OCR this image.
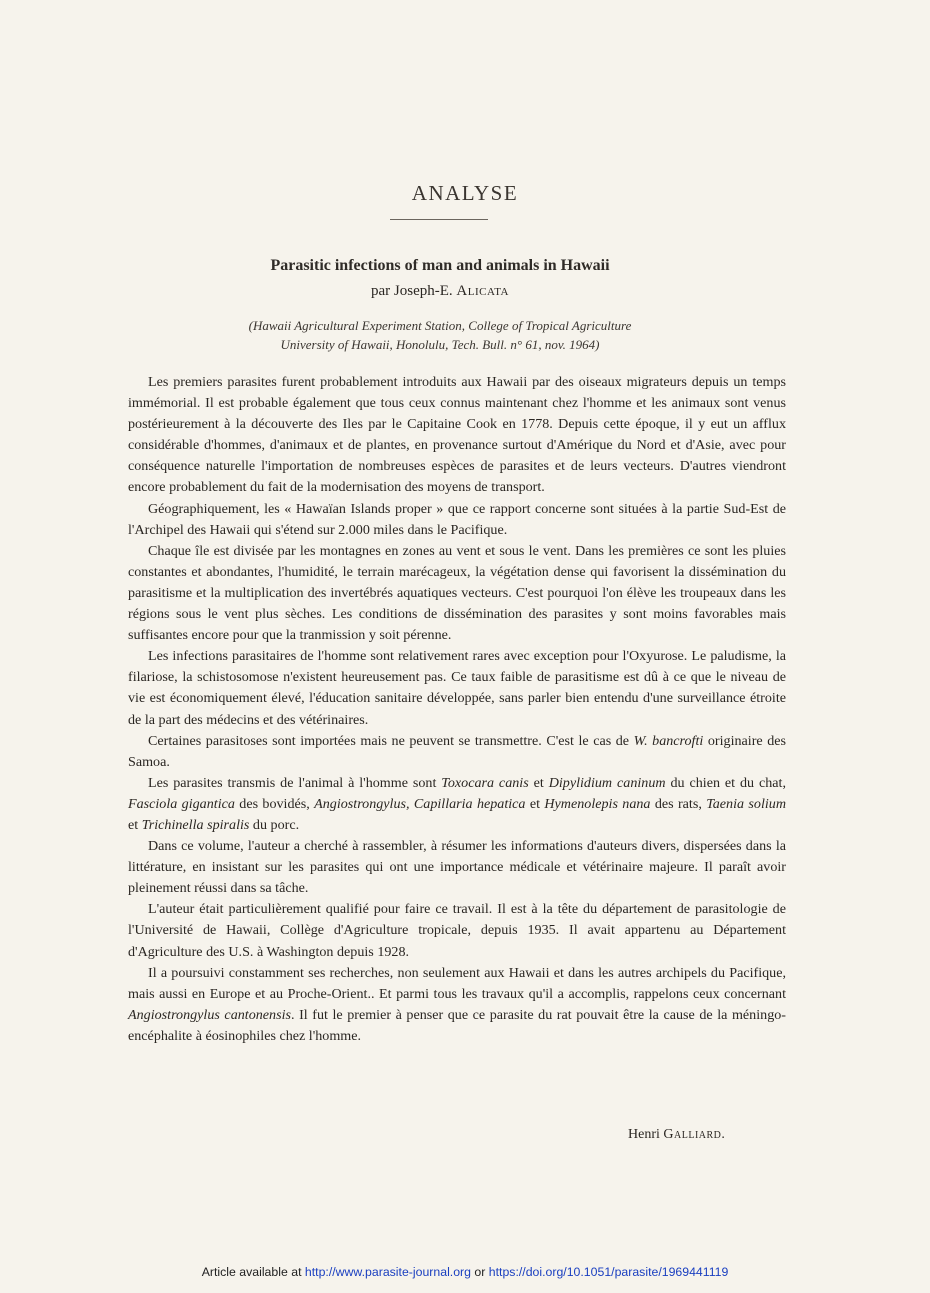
ANALYSE
Parasitic infections of man and animals in Hawaii
par Joseph-E. Alicata
(Hawaii Agricultural Experiment Station, College of Tropical Agriculture
University of Hawaii, Honolulu, Tech. Bull. n° 61, nov. 1964)

Les premiers parasites furent probablement introduits aux Hawaii par des oiseaux migrateurs depuis un temps immémorial. Il est probable également que tous ceux connus maintenant chez l'homme et les animaux sont venus postérieurement à la découverte des Iles par le Capitaine Cook en 1778. Depuis cette époque, il y eut un afflux considérable d'hommes, d'animaux et de plantes, en provenance surtout d'Amérique du Nord et d'Asie, avec pour conséquence naturelle l'importation de nombreuses espèces de parasites et de leurs vecteurs. D'autres viendront encore probablement du fait de la modernisation des moyens de transport.

Géographiquement, les « Hawaïan Islands proper » que ce rapport concerne sont situées à la partie Sud-Est de l'Archipel des Hawaii qui s'étend sur 2.000 miles dans le Pacifique.

Chaque île est divisée par les montagnes en zones au vent et sous le vent. Dans les premières ce sont les pluies constantes et abondantes, l'humidité, le terrain marécageux, la végétation dense qui favorisent la dissémination du parasitisme et la multiplication des invertébrés aquatiques vecteurs. C'est pourquoi l'on élève les troupeaux dans les régions sous le vent plus sèches. Les conditions de dissémination des parasites y sont moins favorables mais suffisantes encore pour que la tranmission y soit pérenne.

Les infections parasitaires de l'homme sont relativement rares avec exception pour l'Oxyurose. Le paludisme, la filariose, la schistosomose n'existent heureusement pas. Ce taux faible de parasitisme est dû à ce que le niveau de vie est économiquement élevé, l'éducation sanitaire développée, sans parler bien entendu d'une surveillance étroite de la part des médecins et des vétérinaires.

Certaines parasitoses sont importées mais ne peuvent se transmettre. C'est le cas de W. bancrofti originaire des Samoa.

Les parasites transmis de l'animal à l'homme sont Toxocara canis et Dipylidium caninum du chien et du chat, Fasciola gigantica des bovidés, Angiostrongylus, Capillaria hepatica et Hymenolepis nana des rats, Taenia solium et Trichinella spiralis du porc.

Dans ce volume, l'auteur a cherché à rassembler, à résumer les informations d'auteurs divers, dispersées dans la littérature, en insistant sur les parasites qui ont une importance médicale et vétérinaire majeure. Il paraît avoir pleinement réussi dans sa tâche.

L'auteur était particulièrement qualifié pour faire ce travail. Il est à la tête du département de parasitologie de l'Université de Hawaii, Collège d'Agriculture tropicale, depuis 1935. Il avait appartenu au Département d'Agriculture des U.S. à Washington depuis 1928.

Il a poursuivi constamment ses recherches, non seulement aux Hawaii et dans les autres archipels du Pacifique, mais aussi en Europe et au Proche-Orient.. Et parmi tous les travaux qu'il a accomplis, rappelons ceux concernant Angiostrongylus cantonensis. Il fut le premier à penser que ce parasite du rat pouvait être la cause de la méningo-encéphalite à éosinophiles chez l'homme.

Henri Galliard.
Article available at http://www.parasite-journal.org or https://doi.org/10.1051/parasite/1969441119
